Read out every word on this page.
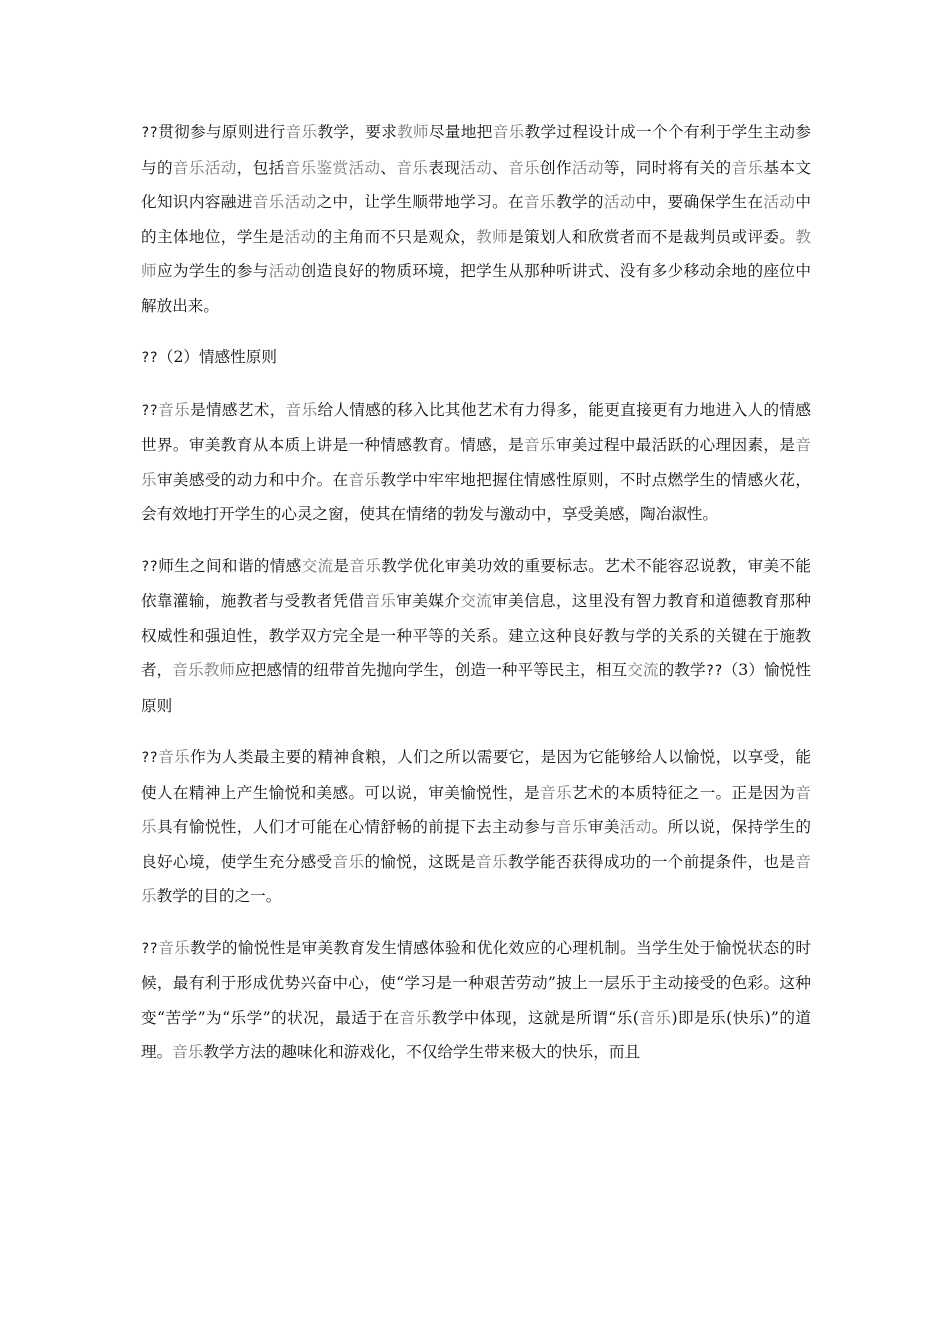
??贯彻参与原则进行音乐教学，要求教师尽量地把音乐教学过程设计成一个个有利于学生主动参与的音乐活动，包括音乐鉴赏活动、音乐表现活动、音乐创作活动等，同时将有关的音乐基本文化知识内容融进音乐活动之中，让学生顺带地学习。在音乐教学的活动中，要确保学生在活动中的主体地位，学生是活动的主角而不只是观众，教师是策划人和欣赏者而不是裁判员或评委。教师应为学生的参与活动创造良好的物质环境，把学生从那种听讲式、没有多少移动余地的座位中解放出来。

??（2）情感性原则

??音乐是情感艺术，音乐给人情感的移入比其他艺术有力得多，能更直接更有力地进入人的情感世界。审美教育从本质上讲是一种情感教育。情感，是音乐审美过程中最活跃的心理因素，是音乐审美感受的动力和中介。在音乐教学中牢牢地把握住情感性原则，不时点燃学生的情感火花，会有效地打开学生的心灵之窗，使其在情绪的勃发与激动中，享受美感，陶冶淑性。

??师生之间和谐的情感交流是音乐教学优化审美功效的重要标志。艺术不能容忍说教，审美不能依靠灌输，施教者与受教者凭借音乐审美媒介交流审美信息，这里没有智力教育和道德教育那种权威性和强迫性，教学双方完全是一种平等的关系。建立这种良好教与学的关系的关键在于施教者，音乐教师应把感情的纽带首先抛向学生，创造一种平等民主，相互交流的教学??（3）愉悦性原则

??音乐作为人类最主要的精神食粮，人们之所以需要它，是因为它能够给人以愉悦，以享受，能使人在精神上产生愉悦和美感。可以说，审美愉悦性，是音乐艺术的本质特征之一。正是因为音乐具有愉悦性，人们才可能在心情舒畅的前提下去主动参与音乐审美活动。所以说，保持学生的良好心境，使学生充分感受音乐的愉悦，这既是音乐教学能否获得成功的一个前提条件，也是音乐教学的目的之一。

??音乐教学的愉悦性是审美教育发生情感体验和优化效应的心理机制。当学生处于愉悦状态的时候，最有利于形成优势兴奋中心，使“学习是一种艰苦劳动”披上一层乐于主动接受的色彩。这种变“苦学”为“乐学”的状况，最适于在音乐教学中体现，这就是所谓“乐(音乐)即是乐(快乐)”的道理。音乐教学方法的趣味化和游戏化，不仅给学生带来极大的快乐，而且
